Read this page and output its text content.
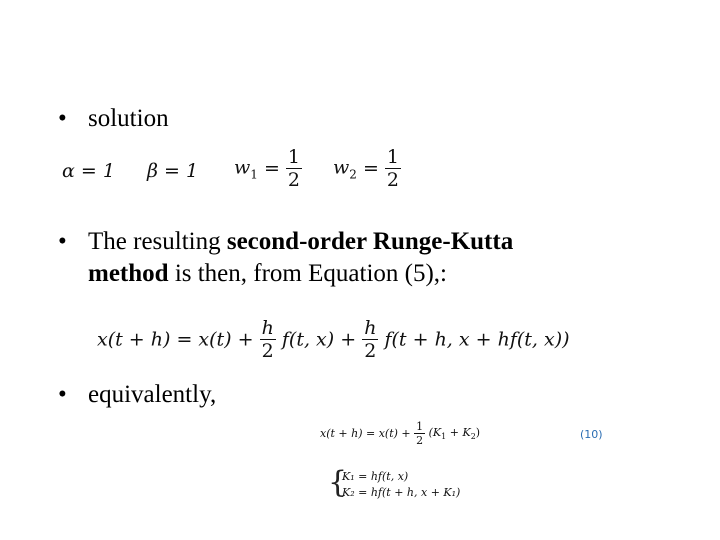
• solution
α = 1 β = 1 $w_1 = \frac{1}{2} w_2 = \frac{1}{2}$
• The resulting second-order Runge-Kutta
method is then, from Equation (5),:
$x(t + h) = x(t) + \frac{h}{2} f(t$, $x) + \frac{h}{2} f(t + h$, x + hf(t, x))
• equivalently,
$x(t + h) = x(t) + \frac{1}{2} (K_1 + K_2)$	(10)
{
K₁ = hf(t, x)
K₂ = hf(t + h, x + K₁)
